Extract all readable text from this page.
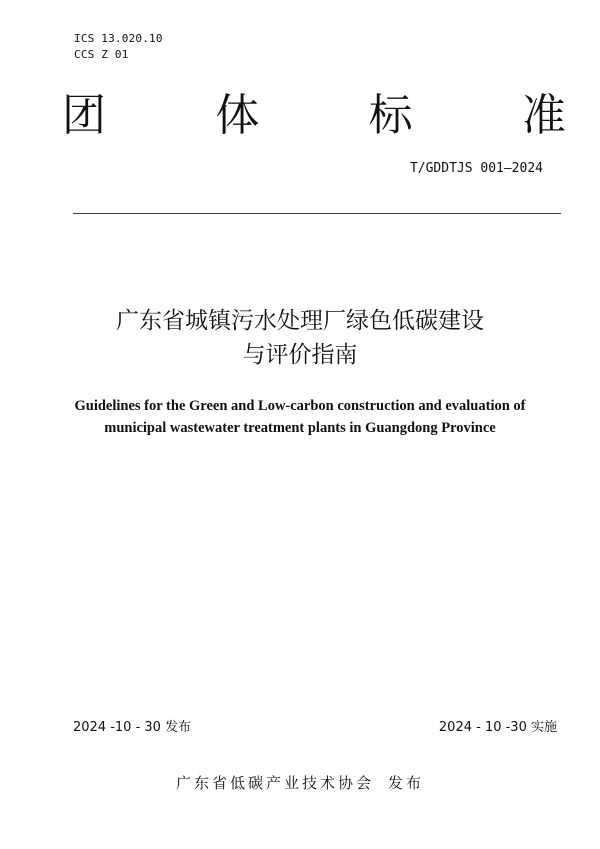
ICS 13.020.10
CCS Z 01
团 体 标 准
T/GDDTJS 001—2024
广东省城镇污水处理厂绿色低碳建设
与评价指南
Guidelines for the Green and Low-carbon construction and evaluation of
municipal wastewater treatment plants in Guangdong Province
2024 -10 - 30 发布	2024 - 10 -30 实施
广东省低碳产业技术协会 发布
